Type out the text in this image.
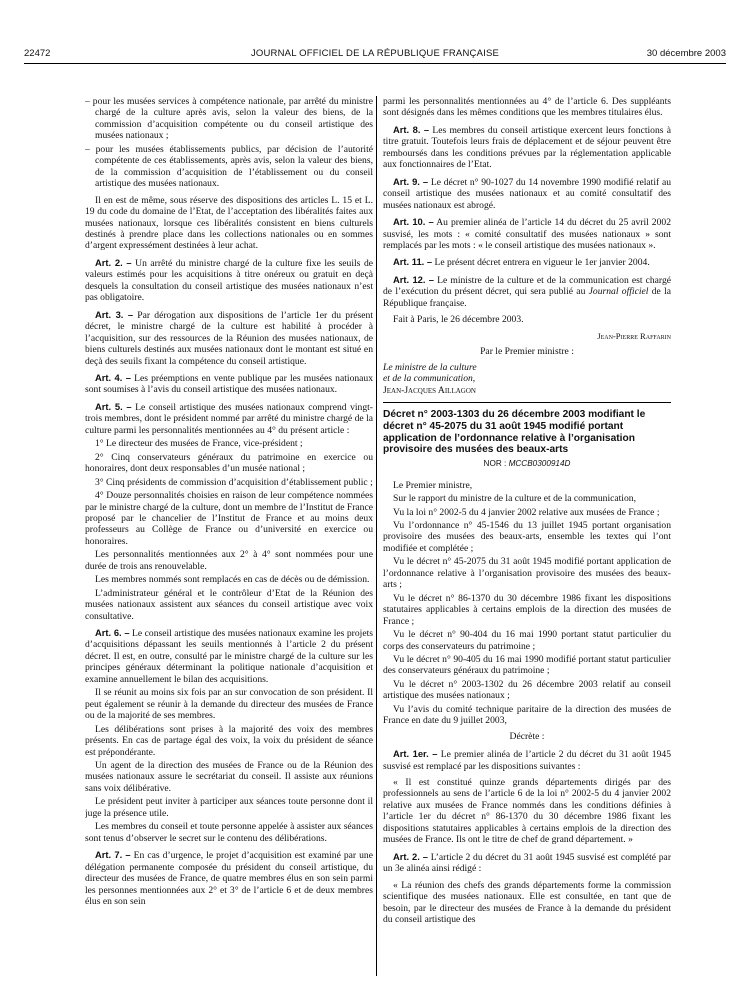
22472	JOURNAL OFFICIEL DE LA RÉPUBLIQUE FRANÇAISE	30 décembre 2003

– pour les musées services à compétence nationale, par arrêté du ministre chargé de la culture après avis, selon la valeur des biens, de la commission d’acquisition compétente ou du conseil artistique des musées nationaux ;

– pour les musées établissements publics, par décision de l’autorité compétente de ces établissements, après avis, selon la valeur des biens, de la commission d’acquisition de l’établissement ou du conseil artistique des musées nationaux.

Il en est de même, sous réserve des dispositions des articles L. 15 et L. 19 du code du domaine de l’Etat, de l’acceptation des libéralités faites aux musées nationaux, lorsque ces libéralités consistent en biens culturels destinés à prendre place dans les collections nationales ou en sommes d’argent expressément destinées à leur achat.

Art. 2. – Un arrêté du ministre chargé de la culture fixe les seuils de valeurs estimés pour les acquisitions à titre onéreux ou gratuit en deçà desquels la consultation du conseil artistique des musées nationaux n’est pas obligatoire.

Art. 3. – Par dérogation aux dispositions de l’article 1er du présent décret, le ministre chargé de la culture est habilité à procéder à l’acquisition, sur des ressources de la Réunion des musées nationaux, de biens culturels destinés aux musées nationaux dont le montant est situé en deçà des seuils fixant la compétence du conseil artistique.

Art. 4. – Les préemptions en vente publique par les musées nationaux sont soumises à l’avis du conseil artistique des musées nationaux.

Art. 5. – Le conseil artistique des musées nationaux comprend vingt-trois membres, dont le président nommé par arrêté du ministre chargé de la culture parmi les personnalités mentionnées au 4° du présent article :

1° Le directeur des musées de France, vice-président ;

2° Cinq conservateurs généraux du patrimoine en exercice ou honoraires, dont deux responsables d’un musée national ;

3° Cinq présidents de commission d’acquisition d’établissement public ;

4° Douze personnalités choisies en raison de leur compétence nommées par le ministre chargé de la culture, dont un membre de l’Institut de France proposé par le chancelier de l’Institut de France et au moins deux professeurs au Collège de France ou d’université en exercice ou honoraires.

Les personnalités mentionnées aux 2° à 4° sont nommées pour une durée de trois ans renouvelable.

Les membres nommés sont remplacés en cas de décès ou de démission.

L’administrateur général et le contrôleur d’Etat de la Réunion des musées nationaux assistent aux séances du conseil artistique avec voix consultative.

Art. 6. – Le conseil artistique des musées nationaux examine les projets d’acquisitions dépassant les seuils mentionnés à l’article 2 du présent décret. Il est, en outre, consulté par le ministre chargé de la culture sur les principes généraux déterminant la politique nationale d’acquisition et examine annuellement le bilan des acquisitions.

Il se réunit au moins six fois par an sur convocation de son président. Il peut également se réunir à la demande du directeur des musées de France ou de la majorité de ses membres.

Les délibérations sont prises à la majorité des voix des membres présents. En cas de partage égal des voix, la voix du président de séance est prépondérante.

Un agent de la direction des musées de France ou de la Réunion des musées nationaux assure le secrétariat du conseil. Il assiste aux réunions sans voix délibérative.

Le président peut inviter à participer aux séances toute personne dont il juge la présence utile.

Les membres du conseil et toute personne appelée à assister aux séances sont tenus d’observer le secret sur le contenu des délibérations.

Art. 7. – En cas d’urgence, le projet d’acquisition est examiné par une délégation permanente composée du président du conseil artistique, du directeur des musées de France, de quatre membres élus en son sein parmi les personnes mentionnées aux 2° et 3° de l’article 6 et de deux membres élus en son sein

parmi les personnalités mentionnées au 4° de l’article 6. Des suppléants sont désignés dans les mêmes conditions que les membres titulaires élus.

Art. 8. – Les membres du conseil artistique exercent leurs fonctions à titre gratuit. Toutefois leurs frais de déplacement et de séjour peuvent être remboursés dans les conditions prévues par la réglementation applicable aux fonctionnaires de l’Etat.

Art. 9. – Le décret n° 90-1027 du 14 novembre 1990 modifié relatif au conseil artistique des musées nationaux et au comité consultatif des musées nationaux est abrogé.

Art. 10. – Au premier alinéa de l’article 14 du décret du 25 avril 2002 susvisé, les mots : « comité consultatif des musées nationaux » sont remplacés par les mots : « le conseil artistique des musées nationaux ».

Art. 11. – Le présent décret entrera en vigueur le 1er janvier 2004.

Art. 12. – Le ministre de la culture et de la communication est chargé de l’exécution du présent décret, qui sera publié au Journal officiel de la République française.

Fait à Paris, le 26 décembre 2003.

Jean-Pierre Raffarin

Par le Premier ministre :

Le ministre de la culture

et de la communication,

Jean-Jacques Aillagon

Décret n° 2003-1303 du 26 décembre 2003 modifiant le décret n° 45-2075 du 31 août 1945 modifié portant application de l’ordonnance relative à l’organisation provisoire des musées des beaux-arts

NOR : MCCB0300914D

Le Premier ministre,

Sur le rapport du ministre de la culture et de la communication,

Vu la loi n° 2002-5 du 4 janvier 2002 relative aux musées de France ;

Vu l’ordonnance n° 45-1546 du 13 juillet 1945 portant organisation provisoire des musées des beaux-arts, ensemble les textes qui l’ont modifiée et complétée ;

Vu le décret n° 45-2075 du 31 août 1945 modifié portant application de l’ordonnance relative à l’organisation provisoire des musées des beaux-arts ;

Vu le décret n° 86-1370 du 30 décembre 1986 fixant les dispositions statutaires applicables à certains emplois de la direction des musées de France ;

Vu le décret n° 90-404 du 16 mai 1990 portant statut particulier du corps des conservateurs du patrimoine ;

Vu le décret n° 90-405 du 16 mai 1990 modifié portant statut particulier des conservateurs généraux du patrimoine ;

Vu le décret n° 2003-1302 du 26 décembre 2003 relatif au conseil artistique des musées nationaux ;

Vu l’avis du comité technique paritaire de la direction des musées de France en date du 9 juillet 2003,

Décrète :

Art. 1er. – Le premier alinéa de l’article 2 du décret du 31 août 1945 susvisé est remplacé par les dispositions suivantes :

« Il est constitué quinze grands départements dirigés par des professionnels au sens de l’article 6 de la loi n° 2002-5 du 4 janvier 2002 relative aux musées de France nommés dans les conditions définies à l’article 1er du décret n° 86-1370 du 30 décembre 1986 fixant les dispositions statutaires applicables à certains emplois de la direction des musées de France. Ils ont le titre de chef de grand département. »

Art. 2. – L’article 2 du décret du 31 août 1945 susvisé est complété par un 3e alinéa ainsi rédigé :

« La réunion des chefs des grands départements forme la commission scientifique des musées nationaux. Elle est consultée, en tant que de besoin, par le directeur des musées de France à la demande du président du conseil artistique des
